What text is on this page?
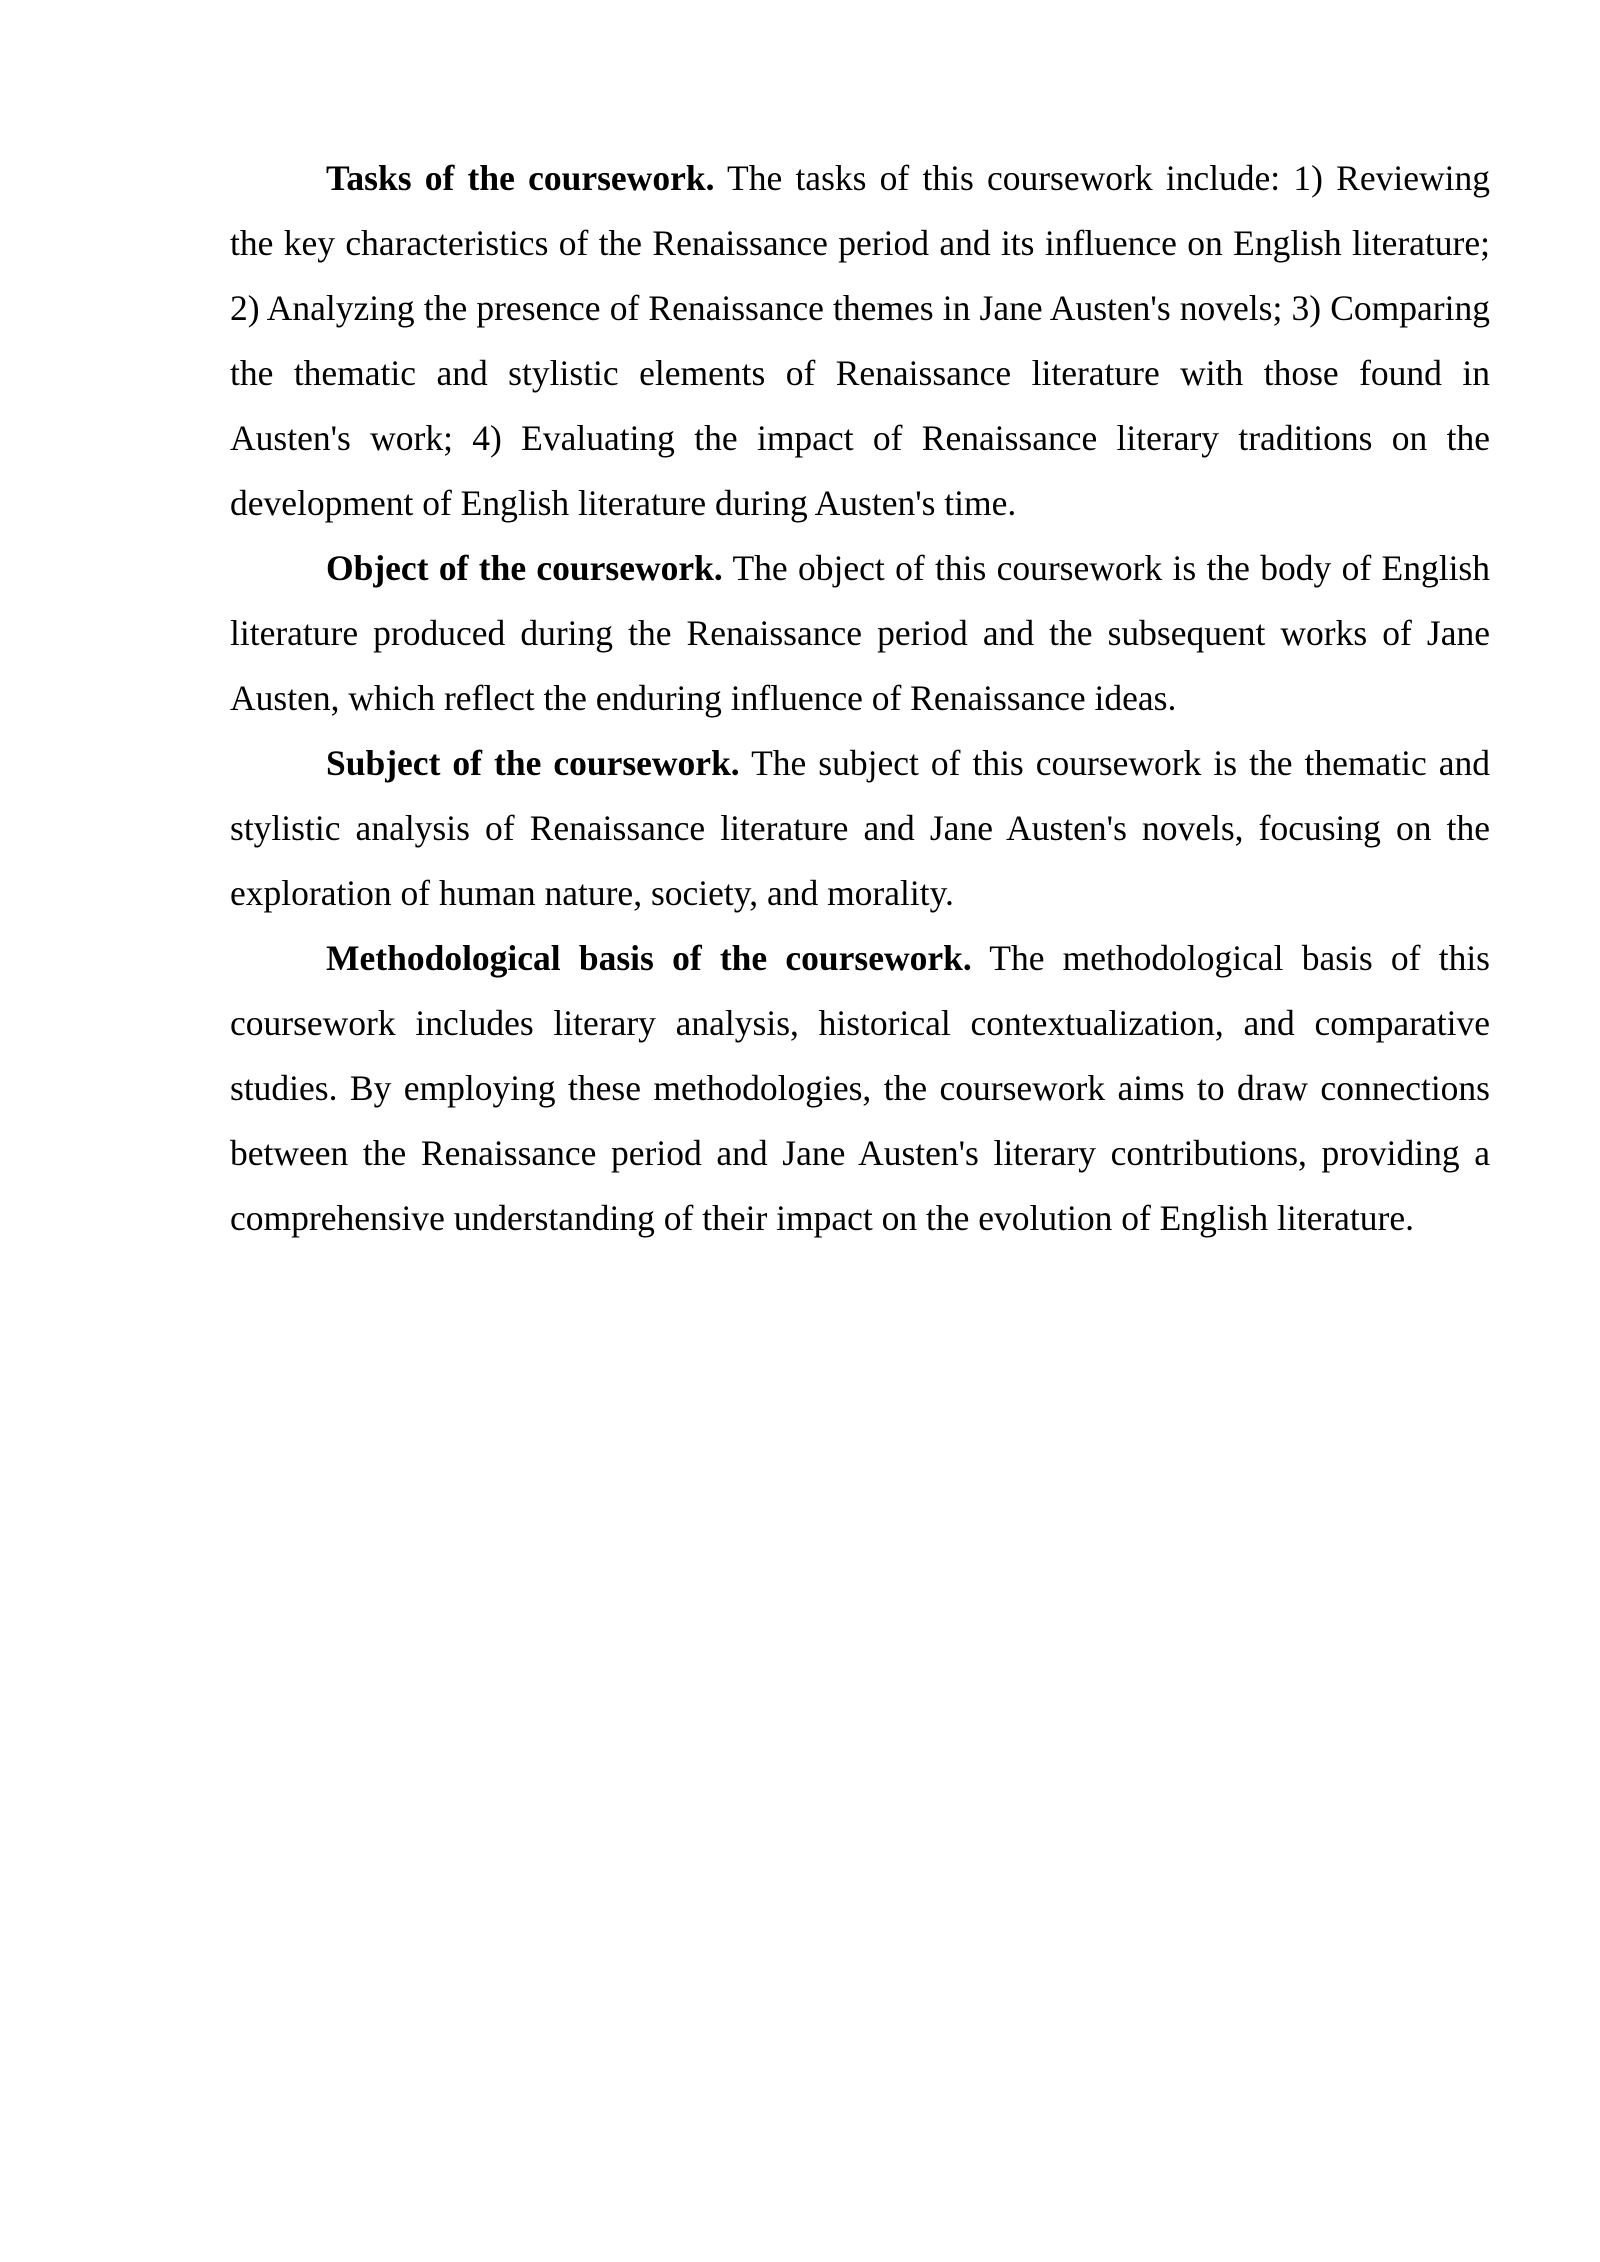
Tasks of the coursework. The tasks of this coursework include: 1) Reviewing the key characteristics of the Renaissance period and its influence on English literature; 2) Analyzing the presence of Renaissance themes in Jane Austen's novels; 3) Comparing the thematic and stylistic elements of Renaissance literature with those found in Austen's work; 4) Evaluating the impact of Renaissance literary traditions on the development of English literature during Austen's time.

Object of the coursework. The object of this coursework is the body of English literature produced during the Renaissance period and the subsequent works of Jane Austen, which reflect the enduring influence of Renaissance ideas.

Subject of the coursework. The subject of this coursework is the thematic and stylistic analysis of Renaissance literature and Jane Austen's novels, focusing on the exploration of human nature, society, and morality.

Methodological basis of the coursework. The methodological basis of this coursework includes literary analysis, historical contextualization, and comparative studies. By employing these methodologies, the coursework aims to draw connections between the Renaissance period and Jane Austen's literary contributions, providing a comprehensive understanding of their impact on the evolution of English literature.
